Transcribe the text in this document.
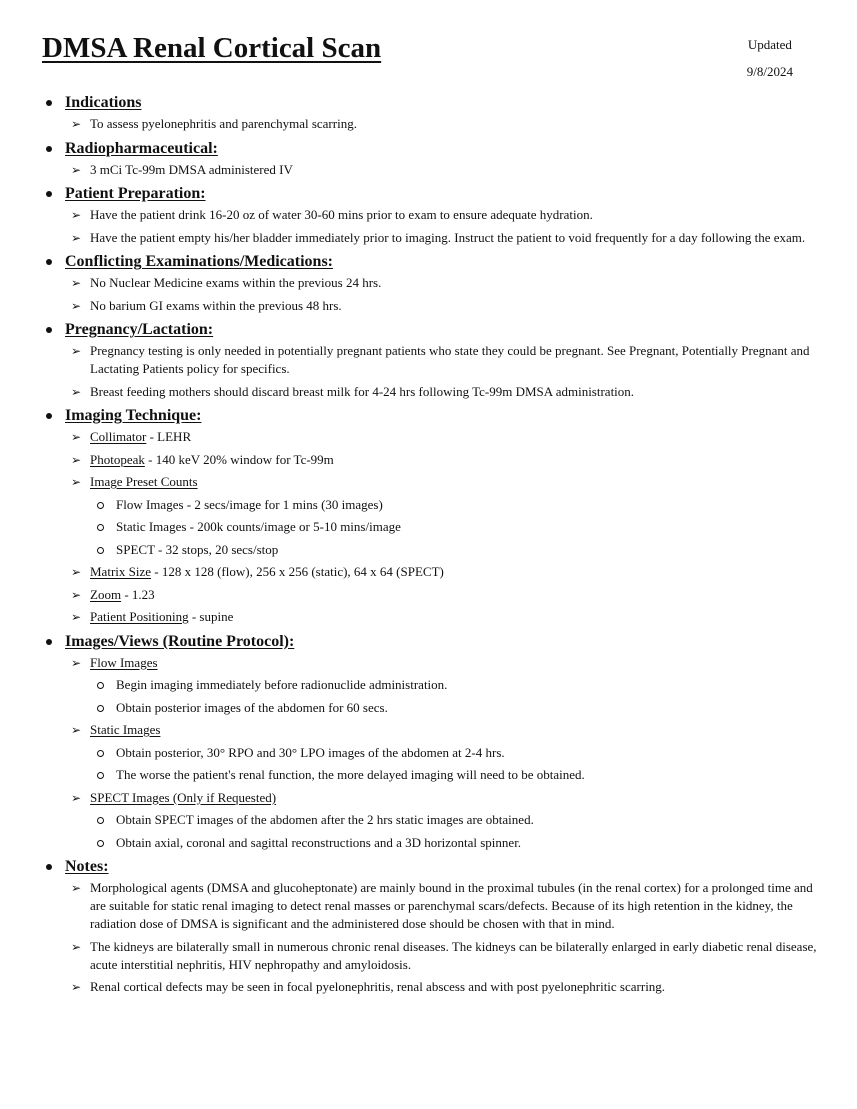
DMSA Renal Cortical Scan	Updated
9/8/2024
Indications
➢ To assess pyelonephritis and parenchymal scarring.
Radiopharmaceutical:
➢ 3 mCi Tc-99m DMSA administered IV
Patient Preparation:
➢ Have the patient drink 16-20 oz of water 30-60 mins prior to exam to ensure adequate hydration.
➢ Have the patient empty his/her bladder immediately prior to imaging. Instruct the patient to void frequently for a day following the exam.
Conflicting Examinations/Medications:
➢ No Nuclear Medicine exams within the previous 24 hrs.
➢ No barium GI exams within the previous 48 hrs.
Pregnancy/Lactation:
➢ Pregnancy testing is only needed in potentially pregnant patients who state they could be pregnant. See Pregnant, Potentially Pregnant and Lactating Patients policy for specifics.
➢ Breast feeding mothers should discard breast milk for 4-24 hrs following Tc-99m DMSA administration.
Imaging Technique:
➢ Collimator - LEHR
➢ Photopeak - 140 keV 20% window for Tc-99m
➢ Image Preset Counts
Flow Images - 2 secs/image for 1 mins (30 images)
Static Images - 200k counts/image or 5-10 mins/image
SPECT - 32 stops, 20 secs/stop
➢ Matrix Size - 128 x 128 (flow), 256 x 256 (static), 64 x 64 (SPECT)
➢ Zoom - 1.23
➢ Patient Positioning - supine
Images/Views (Routine Protocol):
➢ Flow Images
Begin imaging immediately before radionuclide administration.
Obtain posterior images of the abdomen for 60 secs.
➢ Static Images
Obtain posterior, 30° RPO and 30° LPO images of the abdomen at 2-4 hrs.
The worse the patient's renal function, the more delayed imaging will need to be obtained.
➢ SPECT Images (Only if Requested)
Obtain SPECT images of the abdomen after the 2 hrs static images are obtained.
Obtain axial, coronal and sagittal reconstructions and a 3D horizontal spinner.
Notes:
➢ Morphological agents (DMSA and glucoheptonate) are mainly bound in the proximal tubules (in the renal cortex) for a prolonged time and are suitable for static renal imaging to detect renal masses or parenchymal scars/defects. Because of its high retention in the kidney, the radiation dose of DMSA is significant and the administered dose should be chosen with that in mind.
➢ The kidneys are bilaterally small in numerous chronic renal diseases. The kidneys can be bilaterally enlarged in early diabetic renal disease, acute interstitial nephritis, HIV nephropathy and amyloidosis.
➢ Renal cortical defects may be seen in focal pyelonephritis, renal abscess and with post pyelonephritic scarring.
